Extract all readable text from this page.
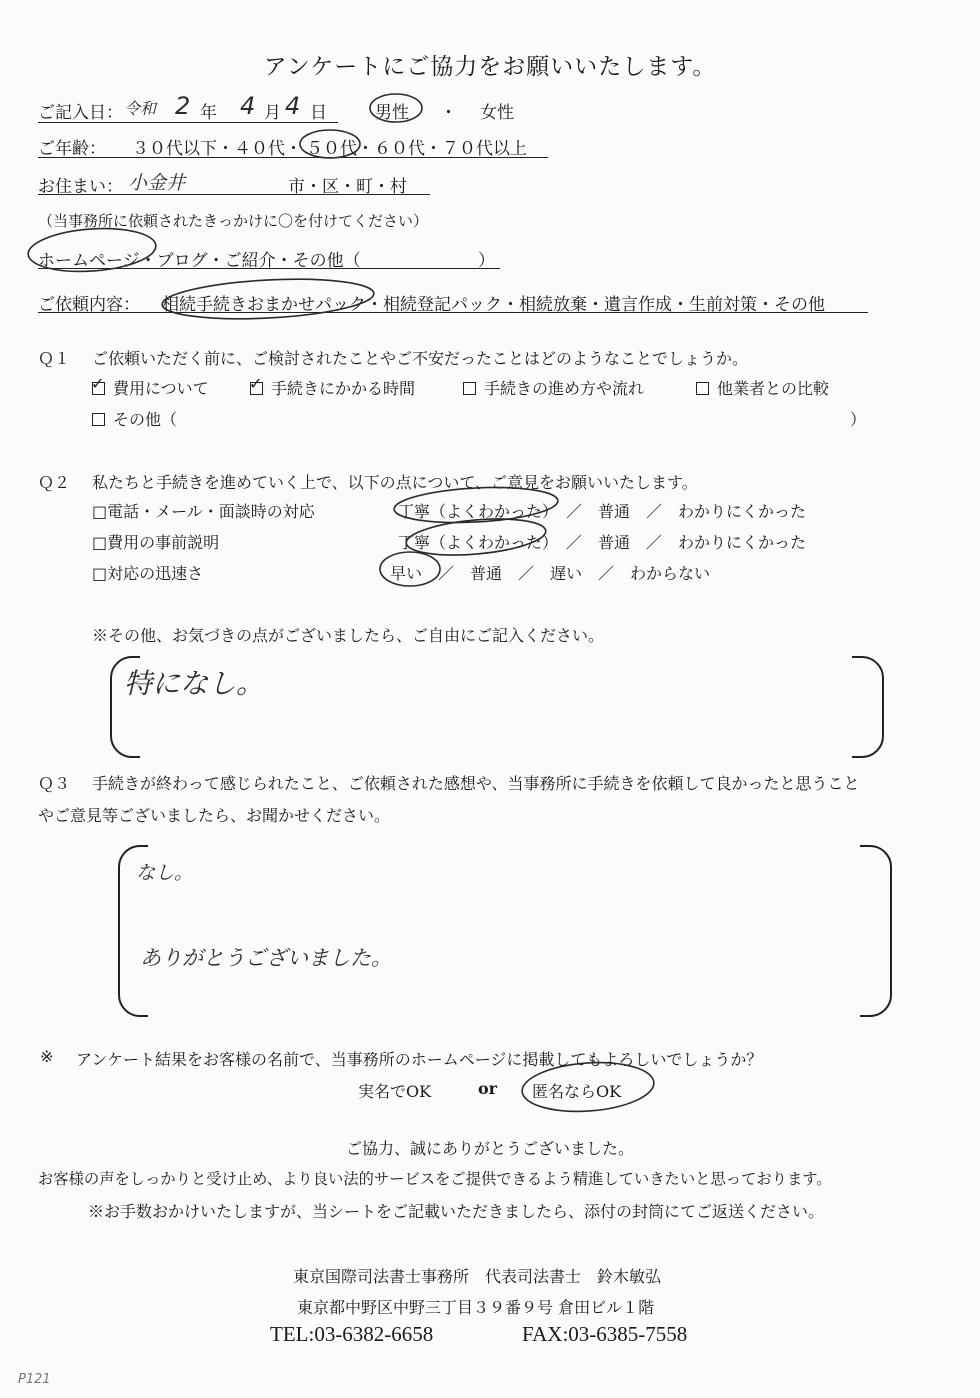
アンケートにご協力をお願いいたします。
ご記入日： 令和 2 年 4 月 4 日	男性 ・ 女性
ご年齢： ３０代以下・４０代・ ５０代 ・６０代・７０代以上
お住まい： 小金井	市・区・町・村
（当事務所に依頼されたきっかけに〇を付けてください）
ホームページ・ブログ・ご紹介・その他（	）
ご依頼内容： 相続手続きおまかせパック・相続登記パック・相続放棄・遺言作成・生前対策・その他
Ｑ１ ご依頼いただく前に、ご検討されたことやご不安だったことはどのようなことでしょうか。
✓ 費用について	✓ 手続きにかかる時間	手続きの進め方や流れ	他業者との比較
その他（	）
Ｑ２ 私たちと手続きを進めていく上で、以下の点について、ご意見をお願いいたします。
□電話・メール・面談時の対応	丁寧（よくわかった）　／　普通　／　わかりにくかった
□費用の事前説明	丁寧（よくわかった）　／　普通　／　わかりにくかった
□対応の迅速さ	早い　／　普通　／　遅い　／　わからない
※その他、お気づきの点がございましたら、ご自由にご記入ください。
特になし。
Ｑ３ 手続きが終わって感じられたこと、ご依頼された感想や、当事務所に手続きを依頼して良かったと思うこと
やご意見等ございましたら、お聞かせください。
なし。
ありがとうございました。
※ アンケート結果をお客様の名前で、当事務所のホームページに掲載してもよろしいでしょうか？
実名でOK	or 匿名ならOK
ご協力、誠にありがとうございました。
お客様の声をしっかりと受け止め、より良い法的サービスをご提供できるよう精進していきたいと思っております。
※お手数おかけいたしますが、当シートをご記載いただきましたら、添付の封筒にてご返送ください。
東京国際司法書士事務所　代表司法書士　鈴木敏弘
東京都中野区中野三丁目３９番９号 倉田ビル１階
TEL:03-6382-6658	FAX:03-6385-7558
P121
